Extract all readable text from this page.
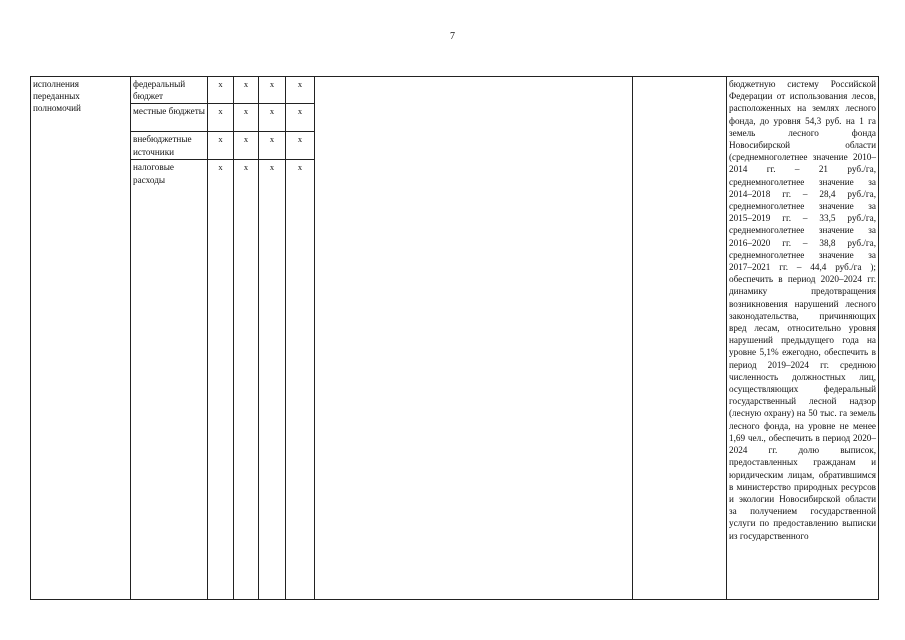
7
исполнения переданных полномочий	федеральный бюджет	x	x	x	x			бюджетную систему Российской Федерации от использования лесов, расположенных на землях лесного фонда, до уровня 54,3 руб. на 1 га земель лесного фонда Новосибирской области (среднемноголетнее значение 2010–2014 гг. – 21 руб./га, среднемноголетнее значение за 2014–2018 гг. – 28,4 руб./га, среднемноголетнее значение за 2015–2019 гг. – 33,5 руб./га, среднемноголетнее значение за 2016–2020 гг. – 38,8 руб./га, среднемноголетнее значение за 2017–2021 гг. – 44,4 руб./га ); обеспечить в период 2020–2024 гг. динамику предотвращения возникновения нарушений лесного законодательства, причиняющих вред лесам, относительно уровня нарушений предыдущего года на уровне 5,1% ежегодно, обеспечить в период 2019–2024 гг. среднюю численность должностных лиц, осуществляющих федеральный государственный лесной надзор (лесную охрану) на 50 тыс. га земель лесного фонда, на уровне не менее 1,69 чел., обеспечить в период 2020–2024 гг. долю выписок, предоставленных гражданам и юридическим лицам, обратившимся в министерство природных ресурсов и экологии Новосибирской области за получением государственной услуги по предоставлению выписки из государственного
	местные бюджеты	x	x	x	x			
	внебюджетные источники	x	x	x	x			
	налоговые расходы	x	x	x	x			
